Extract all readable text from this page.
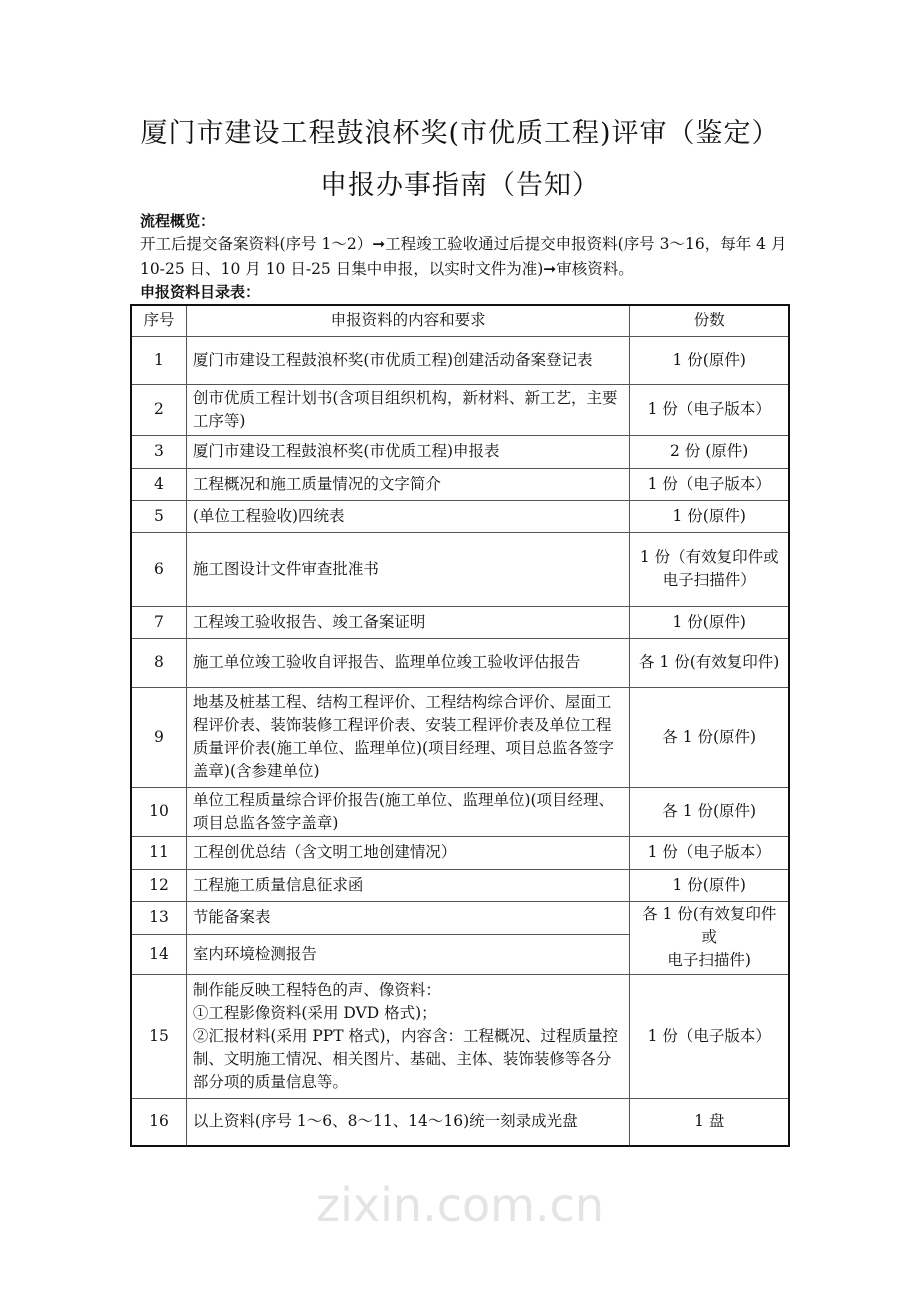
厦门市建设工程鼓浪杯奖(市优质工程)评审（鉴定）
申报办事指南（告知）
流程概览：
开工后提交备案资料(序号 1～2）➞工程竣工验收通过后提交申报资料(序号 3～16，每年 4 月 10-25 日、10 月 10 日-25 日集中申报，以实时文件为准)➞审核资料。
申报资料目录表：
序号	申报资料的内容和要求	份数
1	厦门市建设工程鼓浪杯奖(市优质工程)创建活动备案登记表	1 份(原件)
2	创市优质工程计划书(含项目组织机构，新材料、新工艺，主要工序等)	1 份（电子版本）
3	厦门市建设工程鼓浪杯奖(市优质工程)申报表	2 份 (原件)
4	工程概况和施工质量情况的文字简介	1 份（电子版本）
5	(单位工程验收)四统表	1 份(原件)
6	施工图设计文件审查批准书	1 份（有效复印件或
电子扫描件）
7	工程竣工验收报告、竣工备案证明	1 份(原件)
8	施工单位竣工验收自评报告、监理单位竣工验收评估报告	各 1 份(有效复印件)
9	地基及桩基工程、结构工程评价、工程结构综合评价、屋面工程评价表、装饰装修工程评价表、安装工程评价表及单位工程质量评价表(施工单位、监理单位)(项目经理、项目总监各签字盖章)(含参建单位)	各 1 份(原件)
10	单位工程质量综合评价报告(施工单位、监理单位)(项目经理、项目总监各签字盖章)	各 1 份(原件)
11	工程创优总结（含文明工地创建情况）	1 份（电子版本）
12	工程施工质量信息征求函	1 份(原件)
13	节能备案表	各 1 份(有效复印件或
电子扫描件)
14	室内环境检测报告	
15	制作能反映工程特色的声、像资料：
①工程影像资料(采用 DVD 格式)；
②汇报材料(采用 PPT 格式)，内容含：工程概况、过程质量控制、文明施工情况、相关图片、基础、主体、装饰装修等各分部分项的质量信息等。	1 份（电子版本）
16	以上资料(序号 1～6、8～11、14～16)统一刻录成光盘	1 盘
zixin.com.cn
